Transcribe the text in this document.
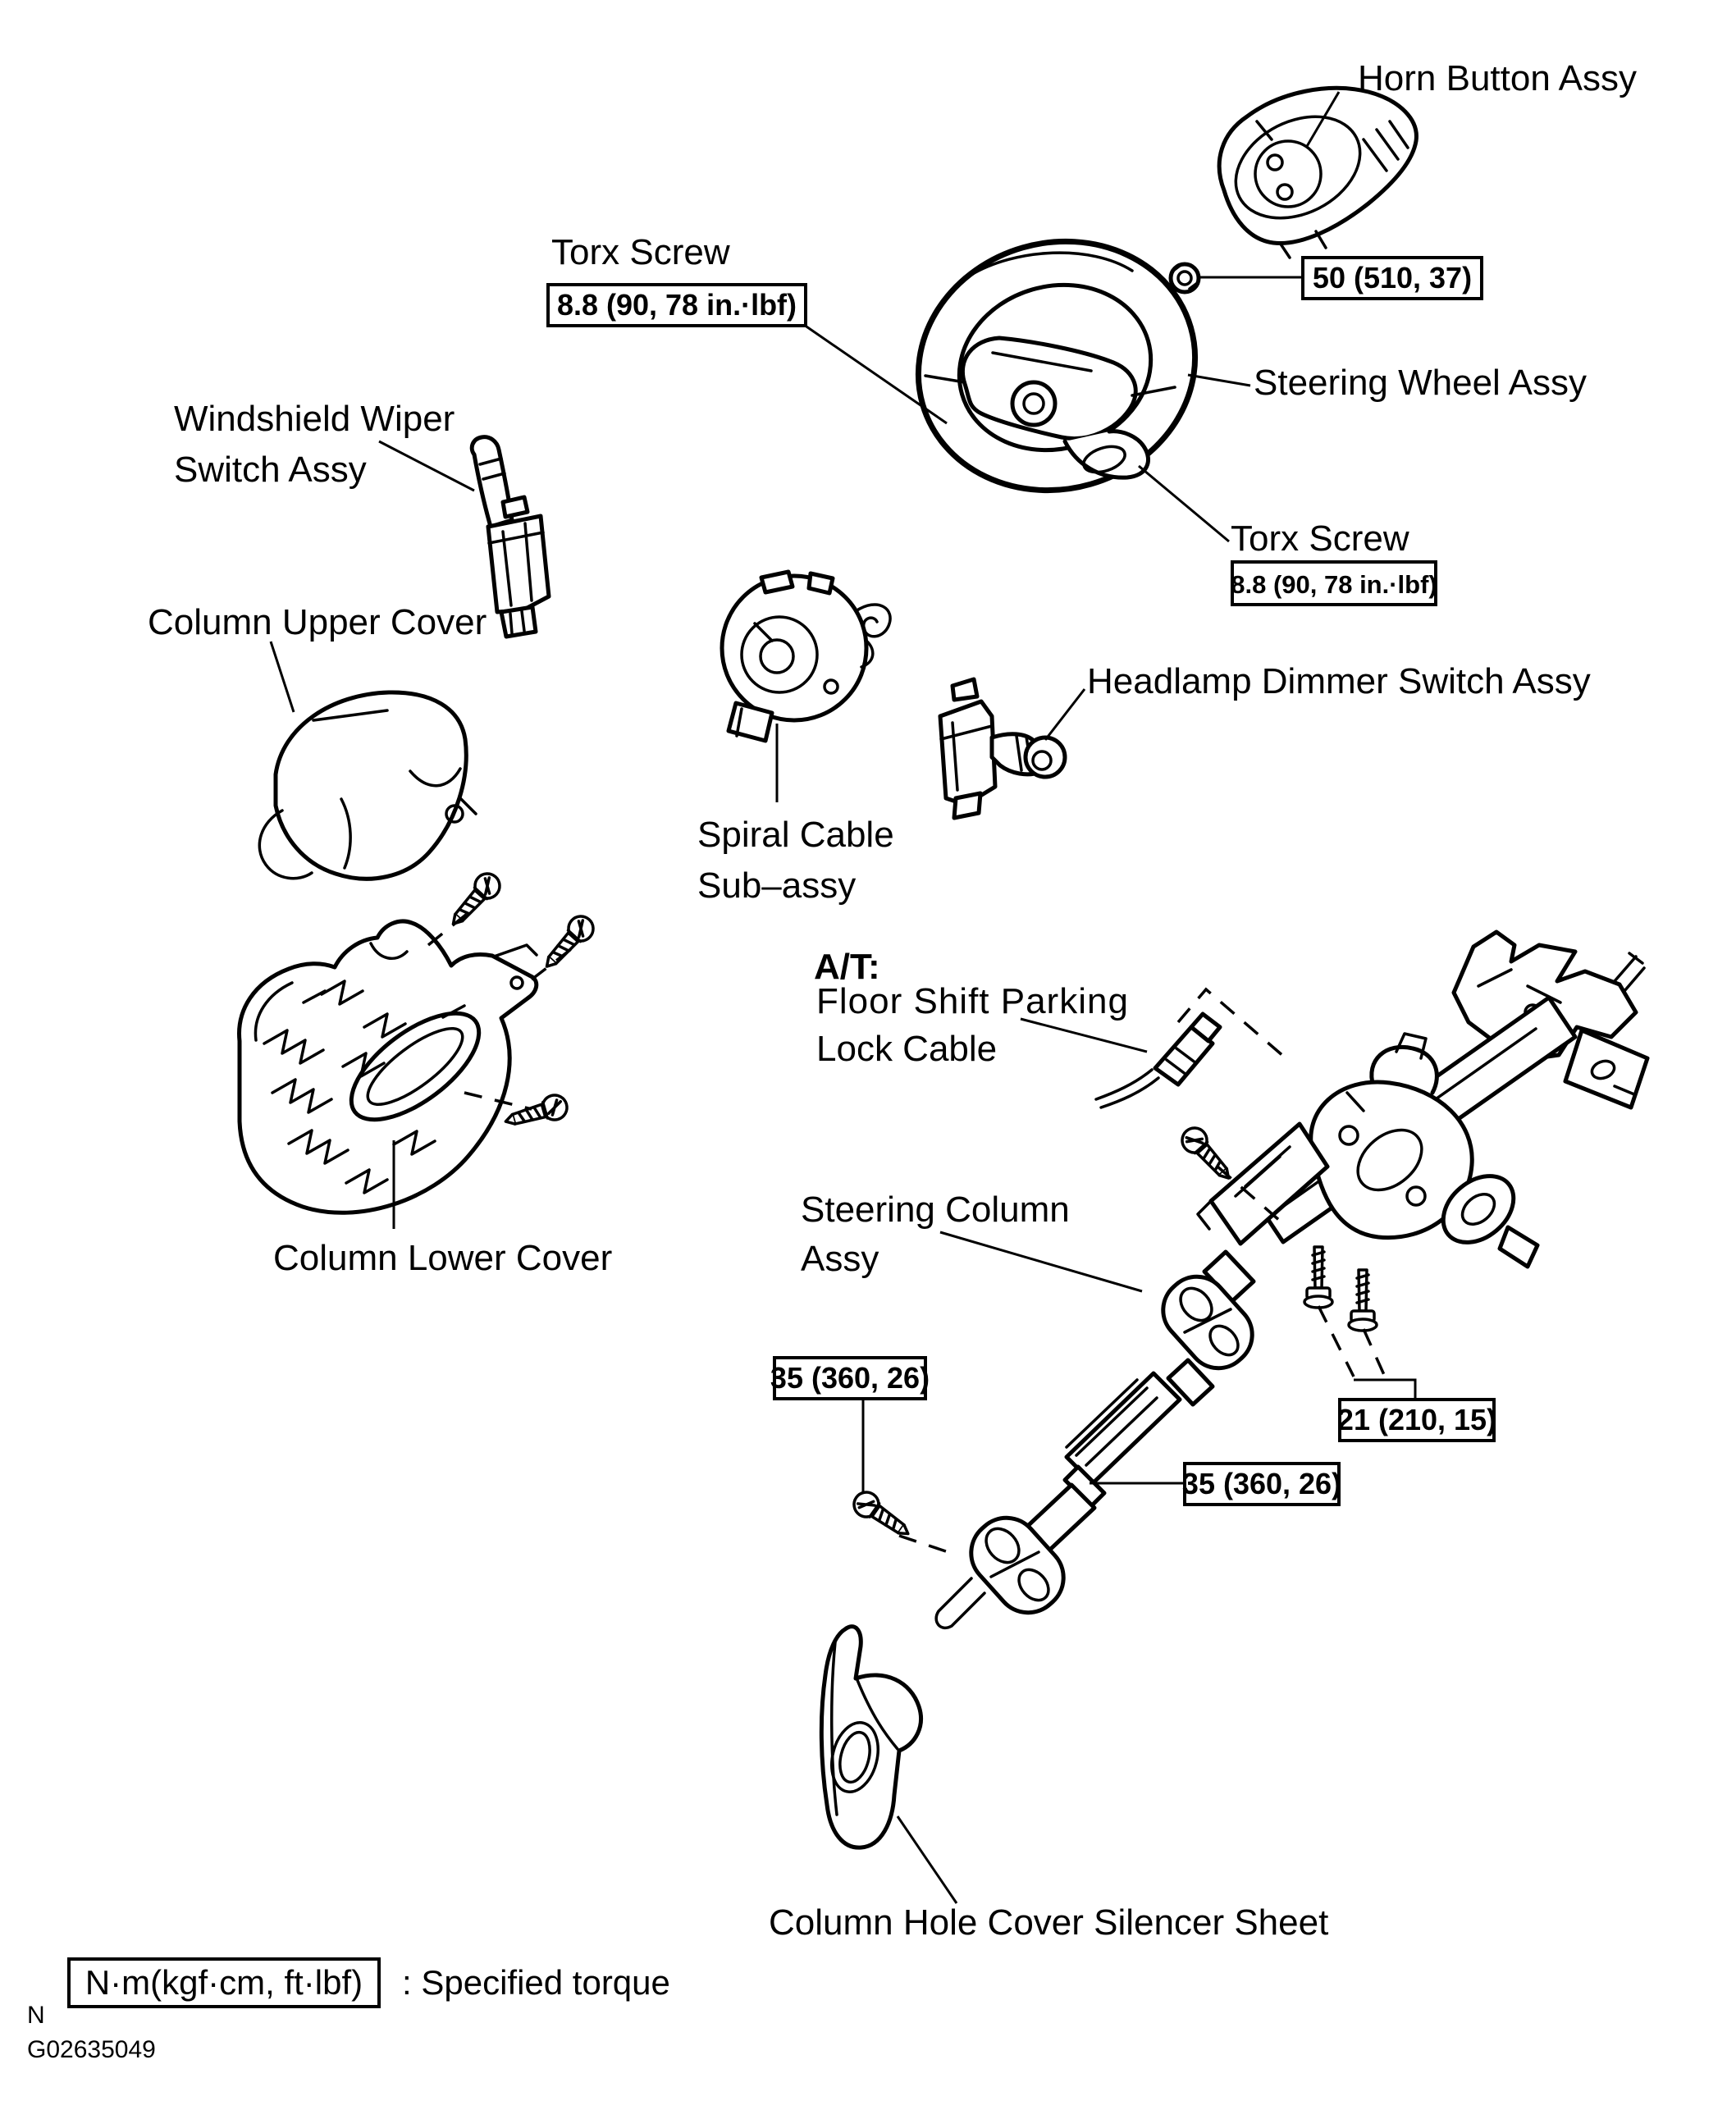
8.8 (90, 78 in.·lbf)
50 (510, 37)
8.8 (90, 78 in.·lbf)
35 (360, 26)
21 (210, 15)
35 (360, 26)
Horn Button Assy
Torx Screw
Steering Wheel Assy
Torx Screw
Windshield Wiper
Switch Assy
Column Upper Cover
Spiral Cable
Sub–assy
Headlamp Dimmer Switch Assy
A/T:
Floor Shift Parking
Lock Cable
Steering Column
Assy
Column Lower Cover
Column Hole Cover Silencer Sheet
N·m(kgf·cm, ft·lbf) : Specified torque
N
G02635049
